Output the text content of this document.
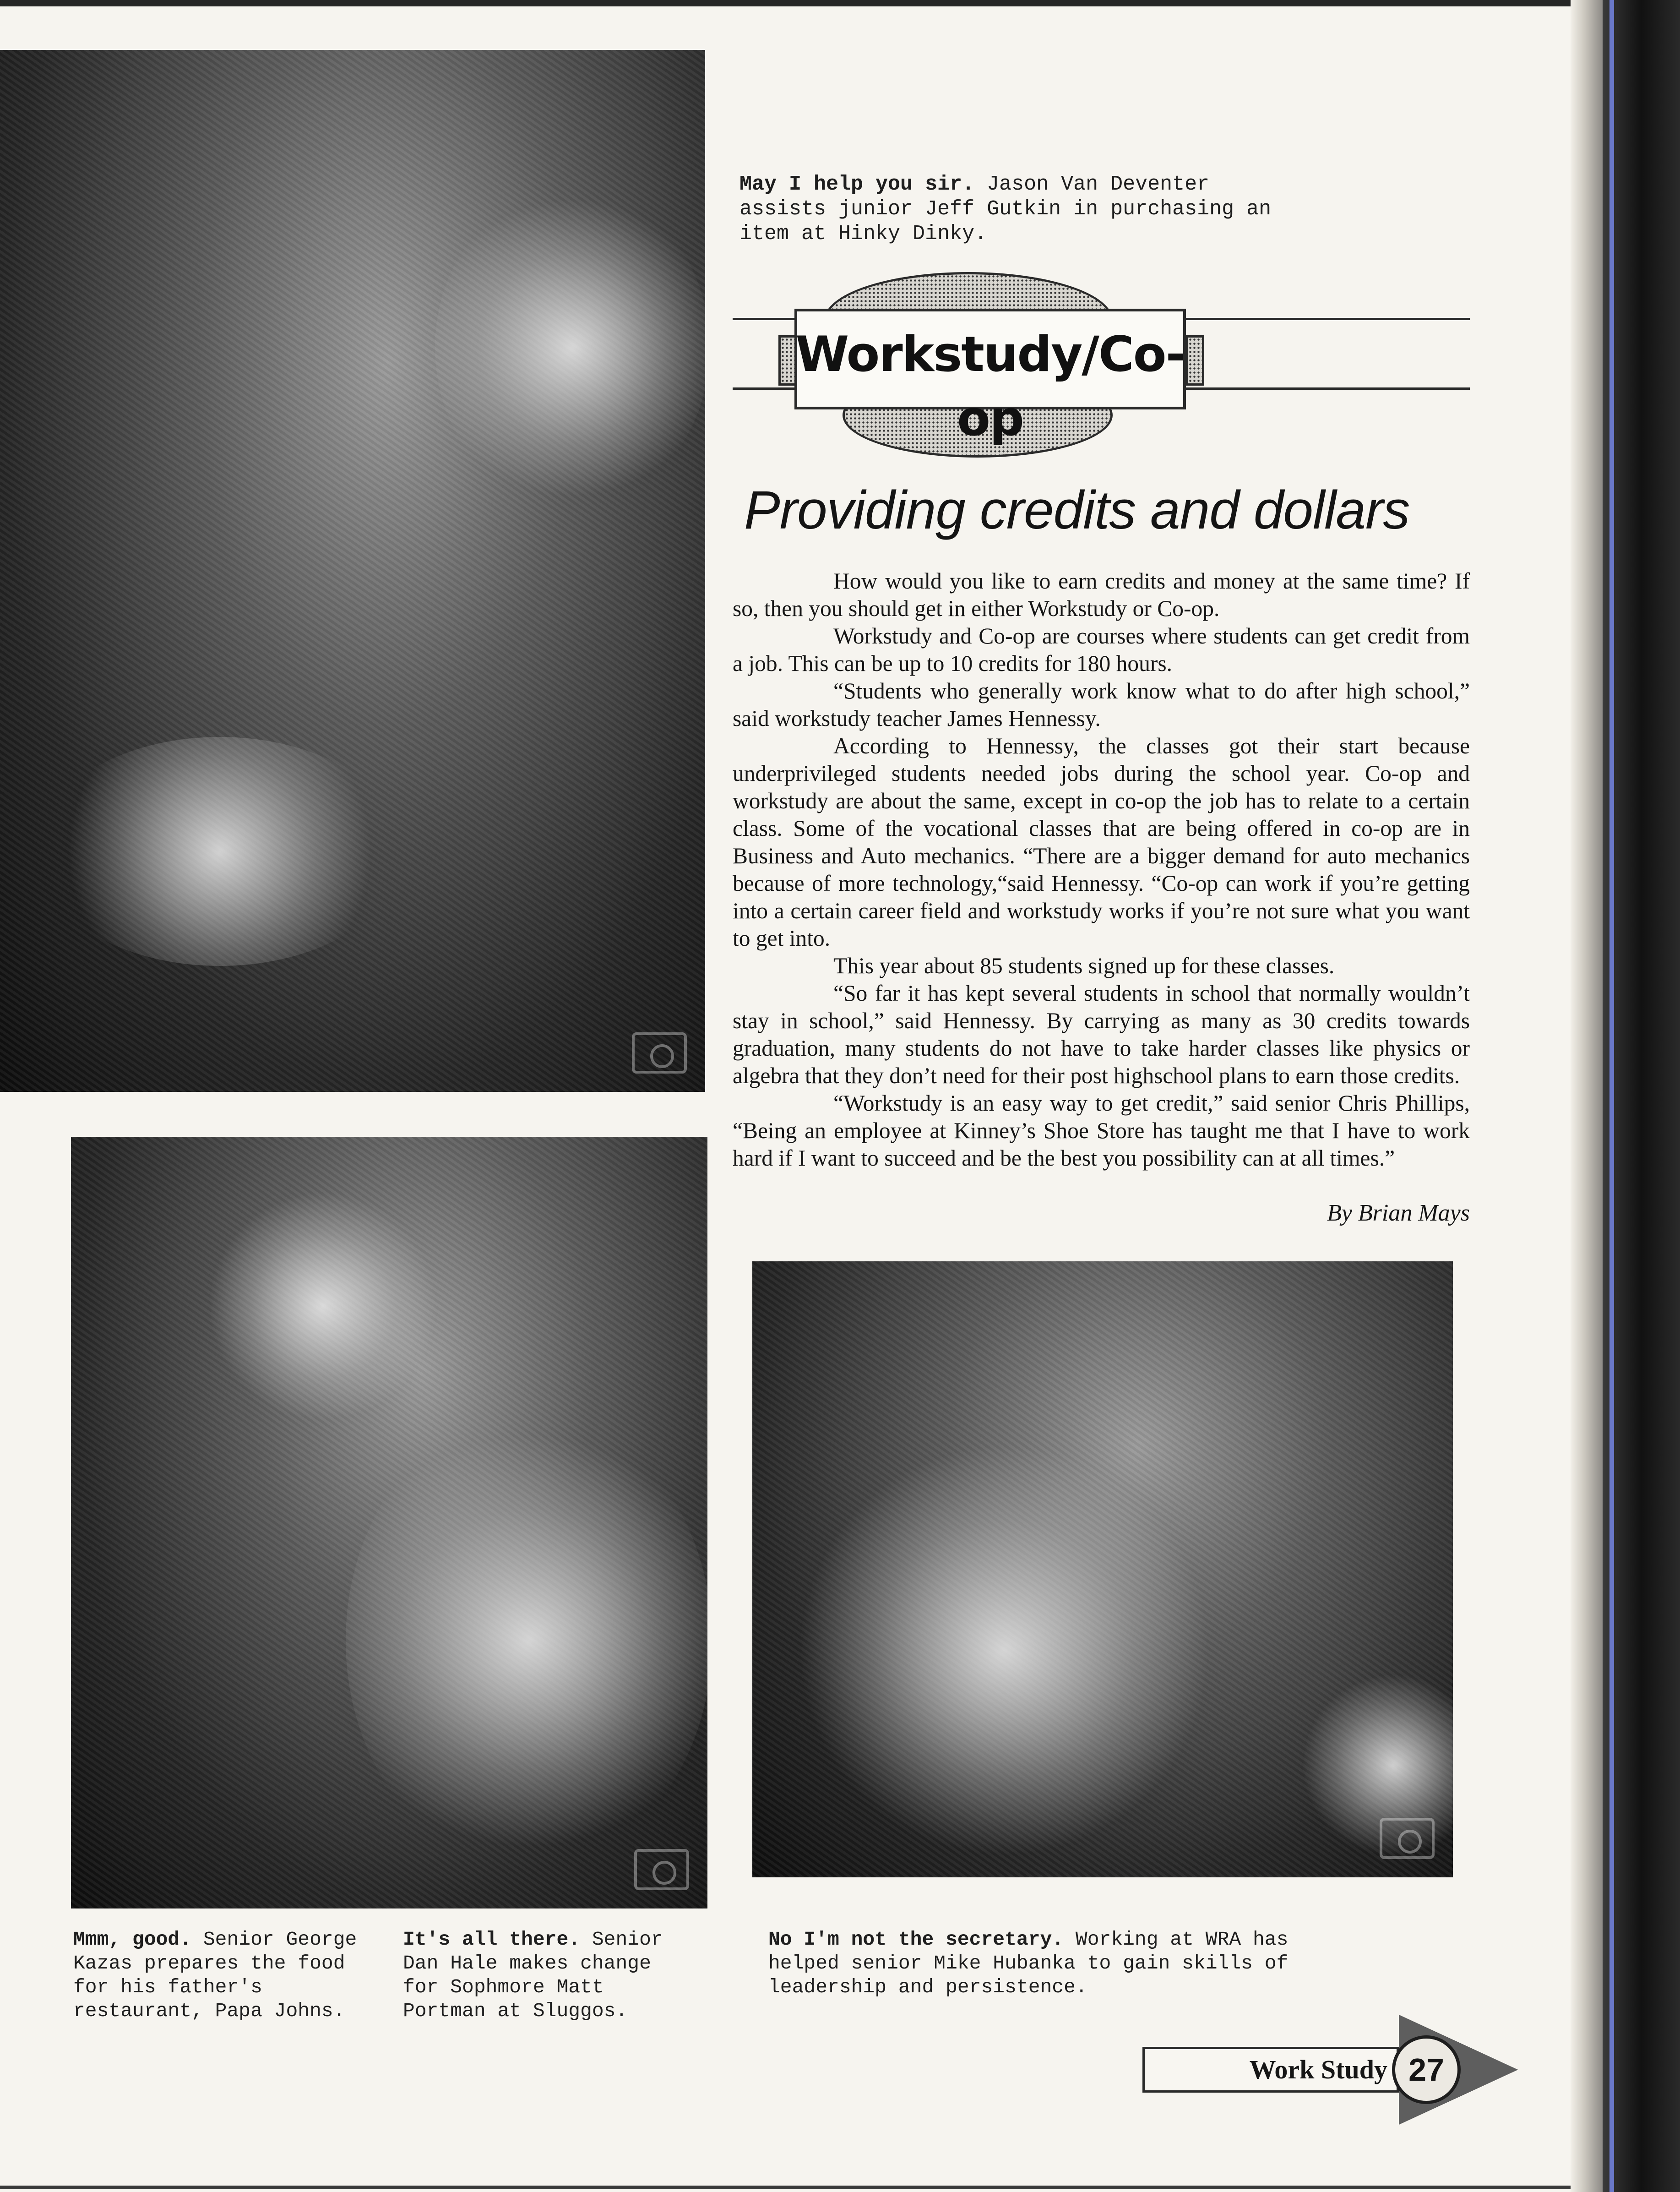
May I help you sir. Jason Van Deventer assists junior Jeff Gutkin in purchasing an item at Hinky Dinky.
Workstudy/Co-op
Providing credits and dollars

How would you like to earn credits and money at the same time? If so, then you should get in either Workstudy or Co-op.

Workstudy and Co-op are courses where students can get credit from a job. This can be up to 10 credits for 180 hours.

“Students who generally work know what to do after high school,” said workstudy teacher James Hennessy.

According to Hennessy, the classes got their start because underprivileged students needed jobs during the school year. Co-op and workstudy are about the same, except in co-op the job has to relate to a certain class. Some of the vocational classes that are being offered in co-op are in Business and Auto mechanics. “There are a bigger demand for auto mechanics because of more technology,“said Hennessy. “Co-op can work if you’re getting into a certain career field and workstudy works if you’re not sure what you want to get into.

This year about 85 students signed up for these classes.

“So far it has kept several students in school that normally wouldn’t stay in school,” said Hennessy. By carrying as many as 30 credits towards graduation, many students do not have to take harder classes like physics or algebra that they don’t need for their post highschool plans to earn those credits.

“Workstudy is an easy way to get credit,” said senior Chris Phillips, “Being an employee at Kinney’s Shoe Store has taught me that I have to work hard if I want to succeed and be the best you possibility can at all times.”

By Brian Mays
Mmm, good. Senior George Kazas prepares the food for his father's restaurant, Papa Johns.
It's all there. Senior Dan Hale makes change for Sophmore Matt Portman at Sluggos.
No I'm not the secretary. Working at WRA has helped senior Mike Hubanka to gain skills of leadership and persistence.
Work Study 27
